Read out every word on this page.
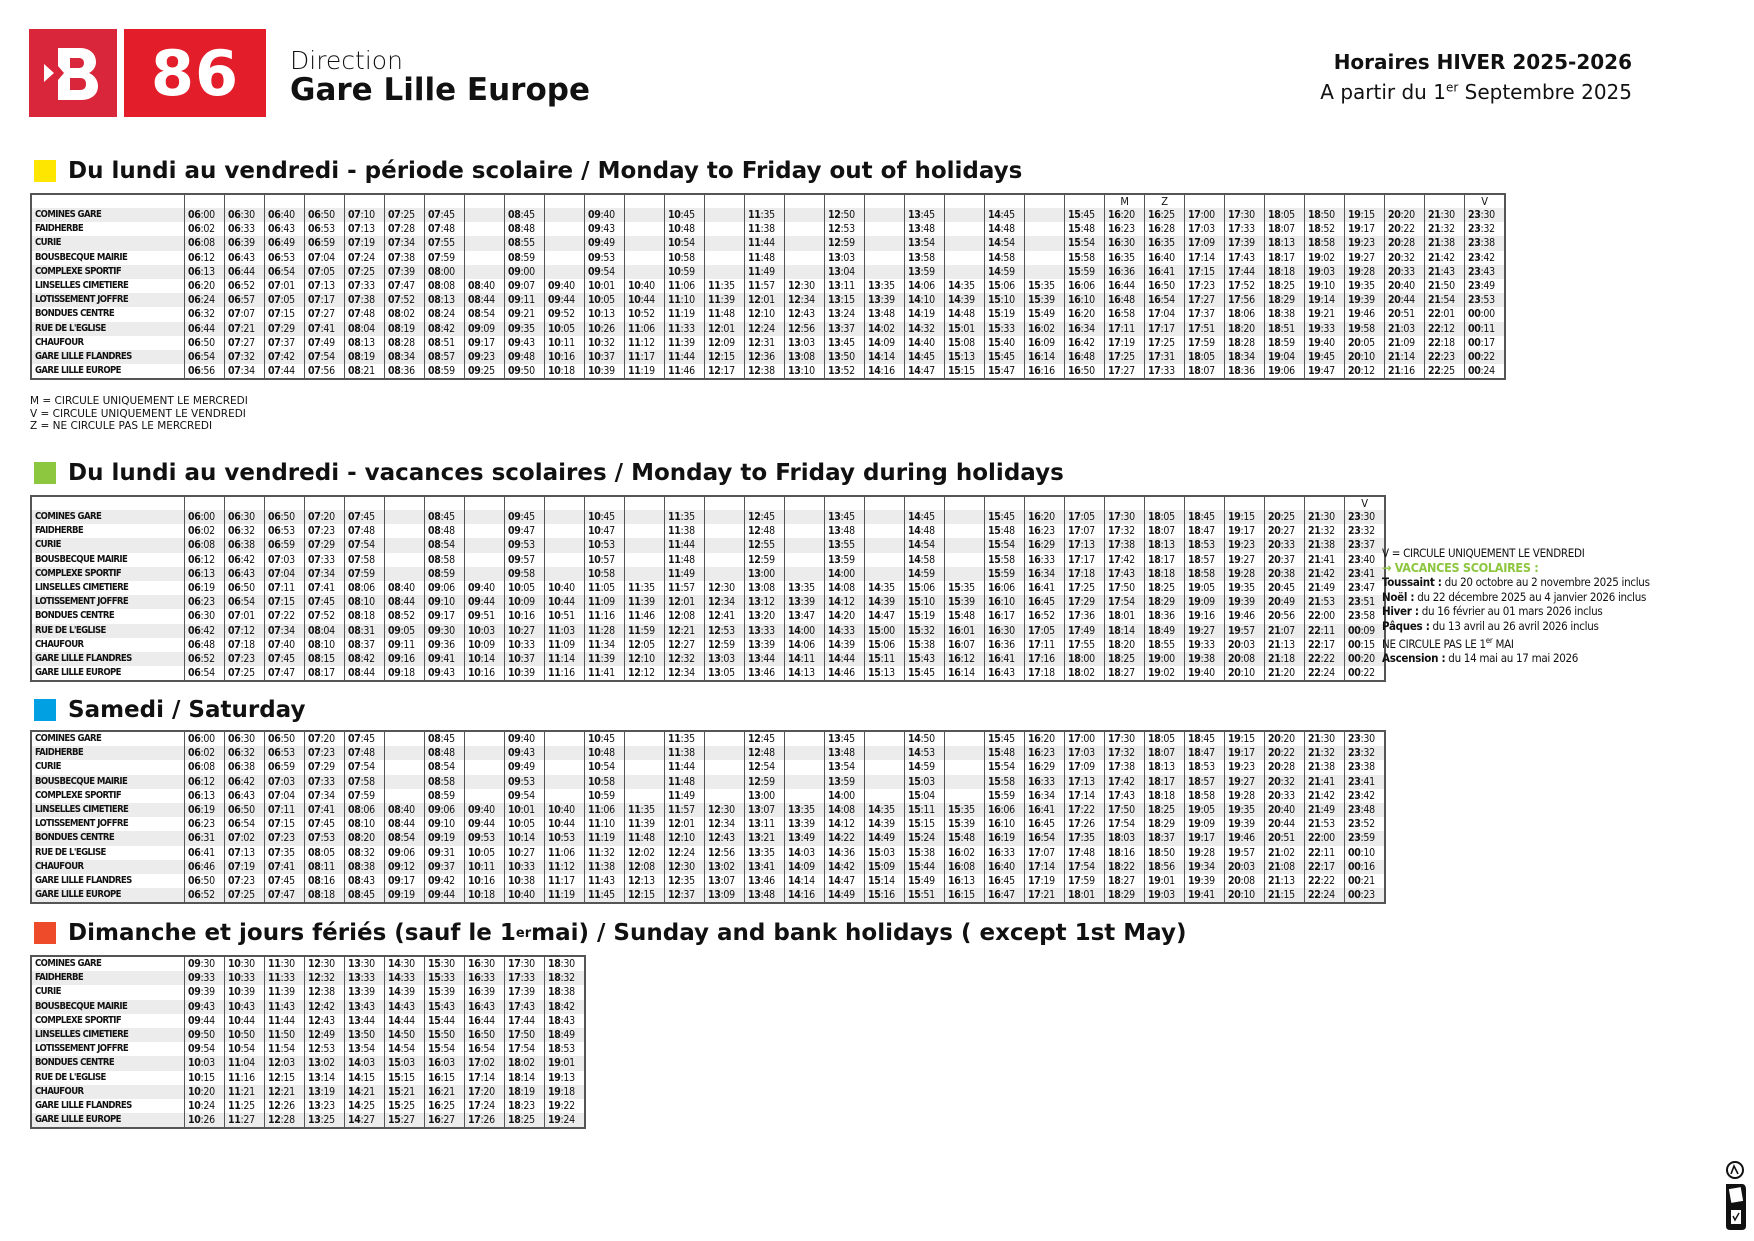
86	Direction
Gare Lille Europe
Horaires HIVER 2025-2026
A partir du 1er Septembre 2025
Du lundi au vendredi - période scolaire / Monday to Friday out of holidays
																								M	Z								V
COMINES GARE	06:00	06:30	06:40	06:50	07:10	07:25	07:45		08:45		09:40		10:45		11:35		12:50		13:45		14:45		15:45	16:20	16:25	17:00	17:30	18:05	18:50	19:15	20:20	21:30	23:30
FAIDHERBE	06:02	06:33	06:43	06:53	07:13	07:28	07:48		08:48		09:43		10:48		11:38		12:53		13:48		14:48		15:48	16:23	16:28	17:03	17:33	18:07	18:52	19:17	20:22	21:32	23:32
CURIE	06:08	06:39	06:49	06:59	07:19	07:34	07:55		08:55		09:49		10:54		11:44		12:59		13:54		14:54		15:54	16:30	16:35	17:09	17:39	18:13	18:58	19:23	20:28	21:38	23:38
BOUSBECQUE MAIRIE	06:12	06:43	06:53	07:04	07:24	07:38	07:59		08:59		09:53		10:58		11:48		13:03		13:58		14:58		15:58	16:35	16:40	17:14	17:43	18:17	19:02	19:27	20:32	21:42	23:42
COMPLEXE SPORTIF	06:13	06:44	06:54	07:05	07:25	07:39	08:00		09:00		09:54		10:59		11:49		13:04		13:59		14:59		15:59	16:36	16:41	17:15	17:44	18:18	19:03	19:28	20:33	21:43	23:43
LINSELLES CIMETIERE	06:20	06:52	07:01	07:13	07:33	07:47	08:08	08:40	09:07	09:40	10:01	10:40	11:06	11:35	11:57	12:30	13:11	13:35	14:06	14:35	15:06	15:35	16:06	16:44	16:50	17:23	17:52	18:25	19:10	19:35	20:40	21:50	23:49
LOTISSEMENT JOFFRE	06:24	06:57	07:05	07:17	07:38	07:52	08:13	08:44	09:11	09:44	10:05	10:44	11:10	11:39	12:01	12:34	13:15	13:39	14:10	14:39	15:10	15:39	16:10	16:48	16:54	17:27	17:56	18:29	19:14	19:39	20:44	21:54	23:53
BONDUES CENTRE	06:32	07:07	07:15	07:27	07:48	08:02	08:24	08:54	09:21	09:52	10:13	10:52	11:19	11:48	12:10	12:43	13:24	13:48	14:19	14:48	15:19	15:49	16:20	16:58	17:04	17:37	18:06	18:38	19:21	19:46	20:51	22:01	00:00
RUE DE L'EGLISE	06:44	07:21	07:29	07:41	08:04	08:19	08:42	09:09	09:35	10:05	10:26	11:06	11:33	12:01	12:24	12:56	13:37	14:02	14:32	15:01	15:33	16:02	16:34	17:11	17:17	17:51	18:20	18:51	19:33	19:58	21:03	22:12	00:11
CHAUFOUR	06:50	07:27	07:37	07:49	08:13	08:28	08:51	09:17	09:43	10:11	10:32	11:12	11:39	12:09	12:31	13:03	13:45	14:09	14:40	15:08	15:40	16:09	16:42	17:19	17:25	17:59	18:28	18:59	19:40	20:05	21:09	22:18	00:17
GARE LILLE FLANDRES	06:54	07:32	07:42	07:54	08:19	08:34	08:57	09:23	09:48	10:16	10:37	11:17	11:44	12:15	12:36	13:08	13:50	14:14	14:45	15:13	15:45	16:14	16:48	17:25	17:31	18:05	18:34	19:04	19:45	20:10	21:14	22:23	00:22
GARE LILLE EUROPE	06:56	07:34	07:44	07:56	08:21	08:36	08:59	09:25	09:50	10:18	10:39	11:19	11:46	12:17	12:38	13:10	13:52	14:16	14:47	15:15	15:47	16:16	16:50	17:27	17:33	18:07	18:36	19:06	19:47	20:12	21:16	22:25	00:24
M = CIRCULE UNIQUEMENT LE MERCREDI
V = CIRCULE UNIQUEMENT LE VENDREDI
Z = NE CIRCULE PAS LE MERCREDI
Du lundi au vendredi - vacances scolaires / Monday to Friday during holidays
																														V
COMINES GARE	06:00	06:30	06:50	07:20	07:45		08:45		09:45		10:45		11:35		12:45		13:45		14:45		15:45	16:20	17:05	17:30	18:05	18:45	19:15	20:25	21:30	23:30
FAIDHERBE	06:02	06:32	06:53	07:23	07:48		08:48		09:47		10:47		11:38		12:48		13:48		14:48		15:48	16:23	17:07	17:32	18:07	18:47	19:17	20:27	21:32	23:32
CURIE	06:08	06:38	06:59	07:29	07:54		08:54		09:53		10:53		11:44		12:55		13:55		14:54		15:54	16:29	17:13	17:38	18:13	18:53	19:23	20:33	21:38	23:37
BOUSBECQUE MAIRIE	06:12	06:42	07:03	07:33	07:58		08:58		09:57		10:57		11:48		12:59		13:59		14:58		15:58	16:33	17:17	17:42	18:17	18:57	19:27	20:37	21:41	23:40
COMPLEXE SPORTIF	06:13	06:43	07:04	07:34	07:59		08:59		09:58		10:58		11:49		13:00		14:00		14:59		15:59	16:34	17:18	17:43	18:18	18:58	19:28	20:38	21:42	23:41
LINSELLES CIMETIERE	06:19	06:50	07:11	07:41	08:06	08:40	09:06	09:40	10:05	10:40	11:05	11:35	11:57	12:30	13:08	13:35	14:08	14:35	15:06	15:35	16:06	16:41	17:25	17:50	18:25	19:05	19:35	20:45	21:49	23:47
LOTISSEMENT JOFFRE	06:23	06:54	07:15	07:45	08:10	08:44	09:10	09:44	10:09	10:44	11:09	11:39	12:01	12:34	13:12	13:39	14:12	14:39	15:10	15:39	16:10	16:45	17:29	17:54	18:29	19:09	19:39	20:49	21:53	23:51
BONDUES CENTRE	06:30	07:01	07:22	07:52	08:18	08:52	09:17	09:51	10:16	10:51	11:16	11:46	12:08	12:41	13:20	13:47	14:20	14:47	15:19	15:48	16:17	16:52	17:36	18:01	18:36	19:16	19:46	20:56	22:00	23:58
RUE DE L'EGLISE	06:42	07:12	07:34	08:04	08:31	09:05	09:30	10:03	10:27	11:03	11:28	11:59	12:21	12:53	13:33	14:00	14:33	15:00	15:32	16:01	16:30	17:05	17:49	18:14	18:49	19:27	19:57	21:07	22:11	00:09
CHAUFOUR	06:48	07:18	07:40	08:10	08:37	09:11	09:36	10:09	10:33	11:09	11:34	12:05	12:27	12:59	13:39	14:06	14:39	15:06	15:38	16:07	16:36	17:11	17:55	18:20	18:55	19:33	20:03	21:13	22:17	00:15
GARE LILLE FLANDRES	06:52	07:23	07:45	08:15	08:42	09:16	09:41	10:14	10:37	11:14	11:39	12:10	12:32	13:03	13:44	14:11	14:44	15:11	15:43	16:12	16:41	17:16	18:00	18:25	19:00	19:38	20:08	21:18	22:22	00:20
GARE LILLE EUROPE	06:54	07:25	07:47	08:17	08:44	09:18	09:43	10:16	10:39	11:16	11:41	12:12	12:34	13:05	13:46	14:13	14:46	15:13	15:45	16:14	16:43	17:18	18:02	18:27	19:02	19:40	20:10	21:20	22:24	00:22
V = CIRCULE UNIQUEMENT LE VENDREDI
→ VACANCES SCOLAIRES :
Toussaint : du 20 octobre au 2 novembre 2025 inclus
Noël : du 22 décembre 2025 au 4 janvier 2026 inclus
Hiver : du 16 février au 01 mars 2026 inclus
Pâques : du 13 avril au 26 avril 2026 inclus
NE CIRCULE PAS LE 1er MAI
Ascension : du 14 mai au 17 mai 2026
Samedi / Saturday
COMINES GARE	06:00	06:30	06:50	07:20	07:45		08:45		09:40		10:45		11:35		12:45		13:45		14:50		15:45	16:20	17:00	17:30	18:05	18:45	19:15	20:20	21:30	23:30
FAIDHERBE	06:02	06:32	06:53	07:23	07:48		08:48		09:43		10:48		11:38		12:48		13:48		14:53		15:48	16:23	17:03	17:32	18:07	18:47	19:17	20:22	21:32	23:32
CURIE	06:08	06:38	06:59	07:29	07:54		08:54		09:49		10:54		11:44		12:54		13:54		14:59		15:54	16:29	17:09	17:38	18:13	18:53	19:23	20:28	21:38	23:38
BOUSBECQUE MAIRIE	06:12	06:42	07:03	07:33	07:58		08:58		09:53		10:58		11:48		12:59		13:59		15:03		15:58	16:33	17:13	17:42	18:17	18:57	19:27	20:32	21:41	23:41
COMPLEXE SPORTIF	06:13	06:43	07:04	07:34	07:59		08:59		09:54		10:59		11:49		13:00		14:00		15:04		15:59	16:34	17:14	17:43	18:18	18:58	19:28	20:33	21:42	23:42
LINSELLES CIMETIERE	06:19	06:50	07:11	07:41	08:06	08:40	09:06	09:40	10:01	10:40	11:06	11:35	11:57	12:30	13:07	13:35	14:08	14:35	15:11	15:35	16:06	16:41	17:22	17:50	18:25	19:05	19:35	20:40	21:49	23:48
LOTISSEMENT JOFFRE	06:23	06:54	07:15	07:45	08:10	08:44	09:10	09:44	10:05	10:44	11:10	11:39	12:01	12:34	13:11	13:39	14:12	14:39	15:15	15:39	16:10	16:45	17:26	17:54	18:29	19:09	19:39	20:44	21:53	23:52
BONDUES CENTRE	06:31	07:02	07:23	07:53	08:20	08:54	09:19	09:53	10:14	10:53	11:19	11:48	12:10	12:43	13:21	13:49	14:22	14:49	15:24	15:48	16:19	16:54	17:35	18:03	18:37	19:17	19:46	20:51	22:00	23:59
RUE DE L'EGLISE	06:41	07:13	07:35	08:05	08:32	09:06	09:31	10:05	10:27	11:06	11:32	12:02	12:24	12:56	13:35	14:03	14:36	15:03	15:38	16:02	16:33	17:07	17:48	18:16	18:50	19:28	19:57	21:02	22:11	00:10
CHAUFOUR	06:46	07:19	07:41	08:11	08:38	09:12	09:37	10:11	10:33	11:12	11:38	12:08	12:30	13:02	13:41	14:09	14:42	15:09	15:44	16:08	16:40	17:14	17:54	18:22	18:56	19:34	20:03	21:08	22:17	00:16
GARE LILLE FLANDRES	06:50	07:23	07:45	08:16	08:43	09:17	09:42	10:16	10:38	11:17	11:43	12:13	12:35	13:07	13:46	14:14	14:47	15:14	15:49	16:13	16:45	17:19	17:59	18:27	19:01	19:39	20:08	21:13	22:22	00:21
GARE LILLE EUROPE	06:52	07:25	07:47	08:18	08:45	09:19	09:44	10:18	10:40	11:19	11:45	12:15	12:37	13:09	13:48	14:16	14:49	15:16	15:51	16:15	16:47	17:21	18:01	18:29	19:03	19:41	20:10	21:15	22:24	00:23
Dimanche et jours fériés (sauf le 1 er mai) / Sunday and bank holidays ( except 1st May)
COMINES GARE	09:30	10:30	11:30	12:30	13:30	14:30	15:30	16:30	17:30	18:30
FAIDHERBE	09:33	10:33	11:33	12:32	13:33	14:33	15:33	16:33	17:33	18:32
CURIE	09:39	10:39	11:39	12:38	13:39	14:39	15:39	16:39	17:39	18:38
BOUSBECQUE MAIRIE	09:43	10:43	11:43	12:42	13:43	14:43	15:43	16:43	17:43	18:42
COMPLEXE SPORTIF	09:44	10:44	11:44	12:43	13:44	14:44	15:44	16:44	17:44	18:43
LINSELLES CIMETIERE	09:50	10:50	11:50	12:49	13:50	14:50	15:50	16:50	17:50	18:49
LOTISSEMENT JOFFRE	09:54	10:54	11:54	12:53	13:54	14:54	15:54	16:54	17:54	18:53
BONDUES CENTRE	10:03	11:04	12:03	13:02	14:03	15:03	16:03	17:02	18:02	19:01
RUE DE L'EGLISE	10:15	11:16	12:15	13:14	14:15	15:15	16:15	17:14	18:14	19:13
CHAUFOUR	10:20	11:21	12:21	13:19	14:21	15:21	16:21	17:20	18:19	19:18
GARE LILLE FLANDRES	10:24	11:25	12:26	13:23	14:25	15:25	16:25	17:24	18:23	19:22
GARE LILLE EUROPE	10:26	11:27	12:28	13:25	14:27	15:27	16:27	17:26	18:25	19:24
